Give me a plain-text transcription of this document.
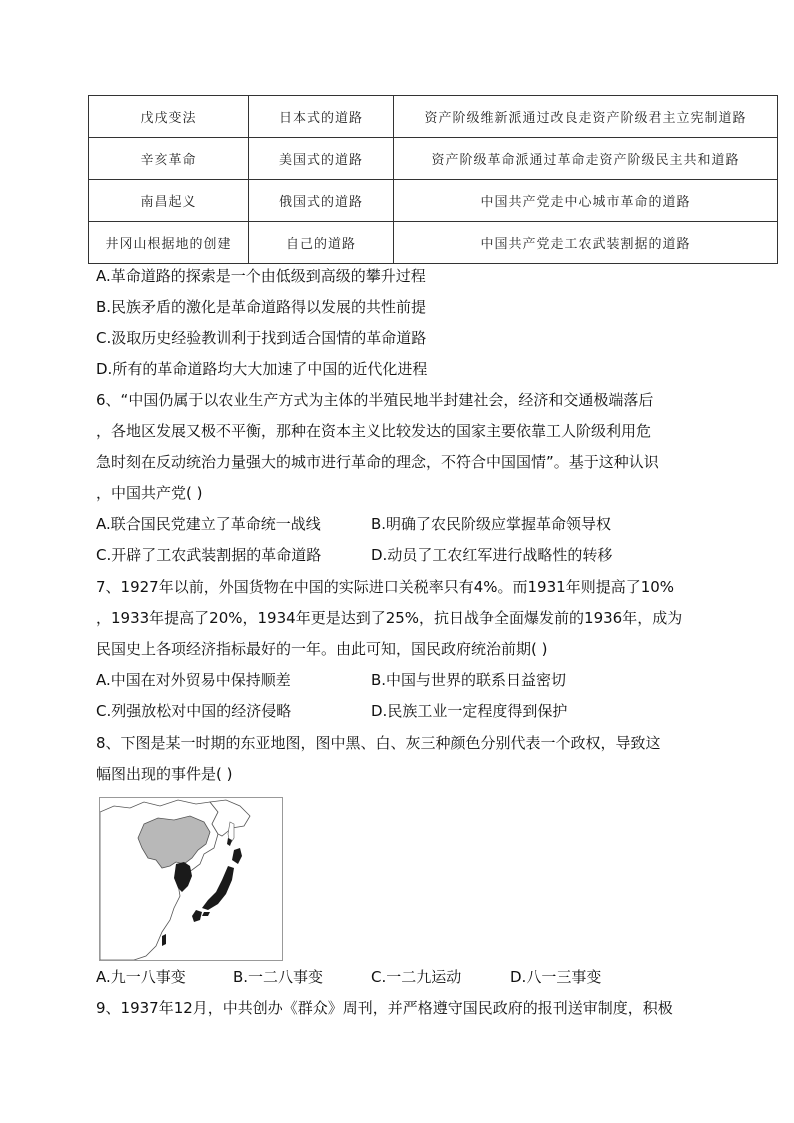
戊戌变法	日本式的道路	资产阶级维新派通过改良走资产阶级君主立宪制道路
辛亥革命	美国式的道路	资产阶级革命派通过革命走资产阶级民主共和道路
南昌起义	俄国式的道路	中国共产党走中心城市革命的道路
井冈山根据地的创建	自己的道路	中国共产党走工农武装割据的道路
A.革命道路的探索是一个由低级到高级的攀升过程
B.民族矛盾的激化是革命道路得以发展的共性前提
C.汲取历史经验教训利于找到适合国情的革命道路
D.所有的革命道路均大大加速了中国的近代化进程
6、“中国仍属于以农业生产方式为主体的半殖民地半封建社会，经济和交通极端落后
，各地区发展又极不平衡，那种在资本主义比较发达的国家主要依靠工人阶级利用危
急时刻在反动统治力量强大的城市进行革命的理念，不符合中国国情”。基于这种认识
，中国共产党( )
A.联合国民党建立了革命统一战线	B.明确了农民阶级应掌握革命领导权
C.开辟了工农武装割据的革命道路	D.动员了工农红军进行战略性的转移
7、1927年以前，外国货物在中国的实际进口关税率只有4%。而1931年则提高了10%
，1933年提高了20%，1934年更是达到了25%，抗日战争全面爆发前的1936年，成为
民国史上各项经济指标最好的一年。由此可知，国民政府统治前期( )
A.中国在对外贸易中保持顺差	B.中国与世界的联系日益密切
C.列强放松对中国的经济侵略	D.民族工业一定程度得到保护
8、下图是某一时期的东亚地图，图中黑、白、灰三种颜色分别代表一个政权，导致这
幅图出现的事件是( )
A.九一八事变	B.一二八事变	C.一二九运动	D.八一三事变
9、1937年12月，中共创办《群众》周刊，并严格遵守国民政府的报刊送审制度，积极
